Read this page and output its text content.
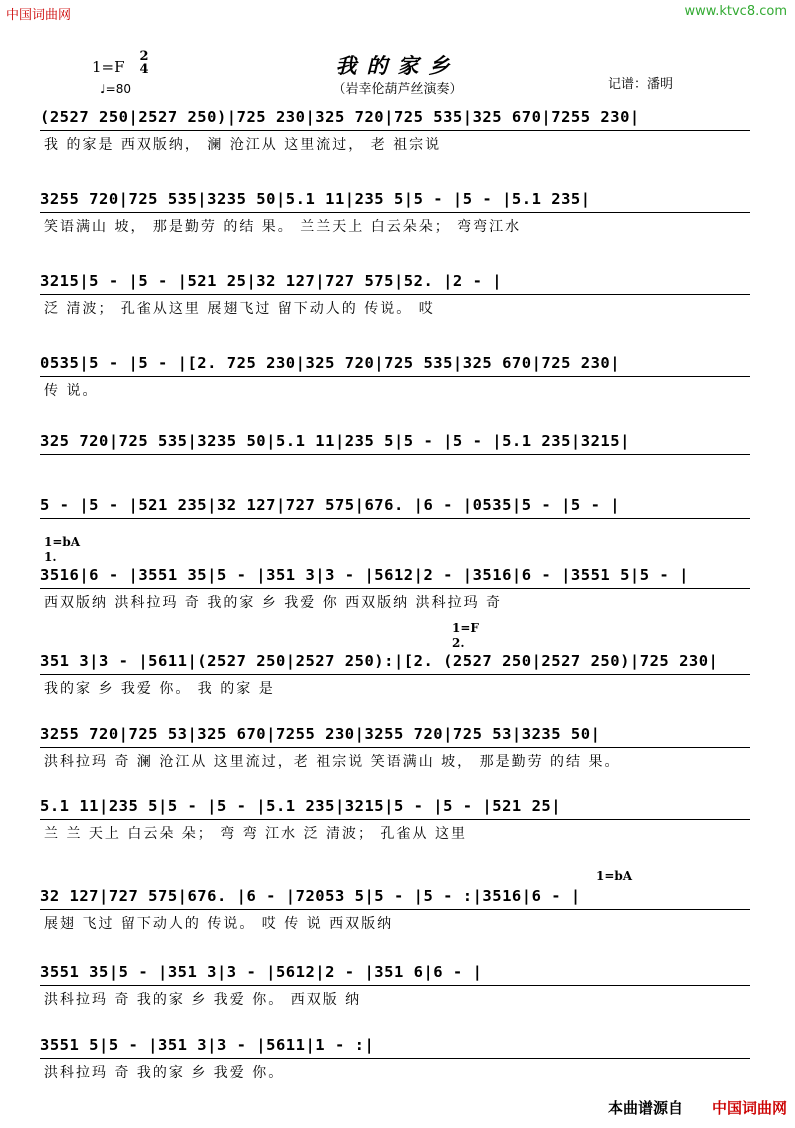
中国词曲网	www.ktvc8.com
1=F
2
4
♩=80
我的家乡
（岩幸伦葫芦丝演奏）	记谱：潘明
(2527 250|2527 250)|725 230|325 720|725 535|325 670|7255 230|
我 的家是 西双版纳， 澜 沧江从 这里流过， 老 祖宗说
3255 720|725 535|3235 50|5.1 11|235 5|5 - |5 - |5.1 235|
笑语满山 坡， 那是勤劳 的结 果。 兰兰天上 白云朵朵； 弯弯江水
3215|5 - |5 - |521 25|32 127|727 575|52. |2 - |
泛 清波； 孔雀从这里 展翅飞过 留下动人的 传说。 哎
0535|5 - |5 - |[2. 725 230|325 720|725 535|325 670|725 230|
传 说。
325 720|725 535|3235 50|5.1 11|235 5|5 - |5 - |5.1 235|3215|
5 - |5 - |521 235|32 127|727 575|676. |6 - |0535|5 - |5 - |
1=bA
1.
3516|6 - |3551 35|5 - |351 3|3 - |5612|2 - |3516|6 - |3551 5|5 - |
西双版纳 洪科拉玛 奇 我的家 乡 我爱 你 西双版纳 洪科拉玛 奇
1=F
2.
351 3|3 - |5611|(2527 250|2527 250):|[2. (2527 250|2527 250)|725 230|
我的家 乡 我爱 你。 我 的家 是
3255 720|725 53|325 670|7255 230|3255 720|725 53|3235 50|
洪科拉玛 奇 澜 沧江从 这里流过，老 祖宗说 笑语满山 坡， 那是勤劳 的结 果。
5.1 11|235 5|5 - |5 - |5.1 235|3215|5 - |5 - |521 25|
兰 兰 天上 白云朵 朵； 弯 弯 江水 泛 清波； 孔雀从 这里
1=bA
32 127|727 575|676. |6 - |72053 5|5 - |5 - :|3516|6 - |
展翅 飞过 留下动人的 传说。 哎 传 说 西双版纳
3551 35|5 - |351 3|3 - |5612|2 - |351 6|6 - |
洪科拉玛 奇 我的家 乡 我爱 你。 西双版 纳
3551 5|5 - |351 3|3 - |5611|1 - :|
洪科拉玛 奇 我的家 乡 我爱 你。
本曲谱源自 中国词曲网
